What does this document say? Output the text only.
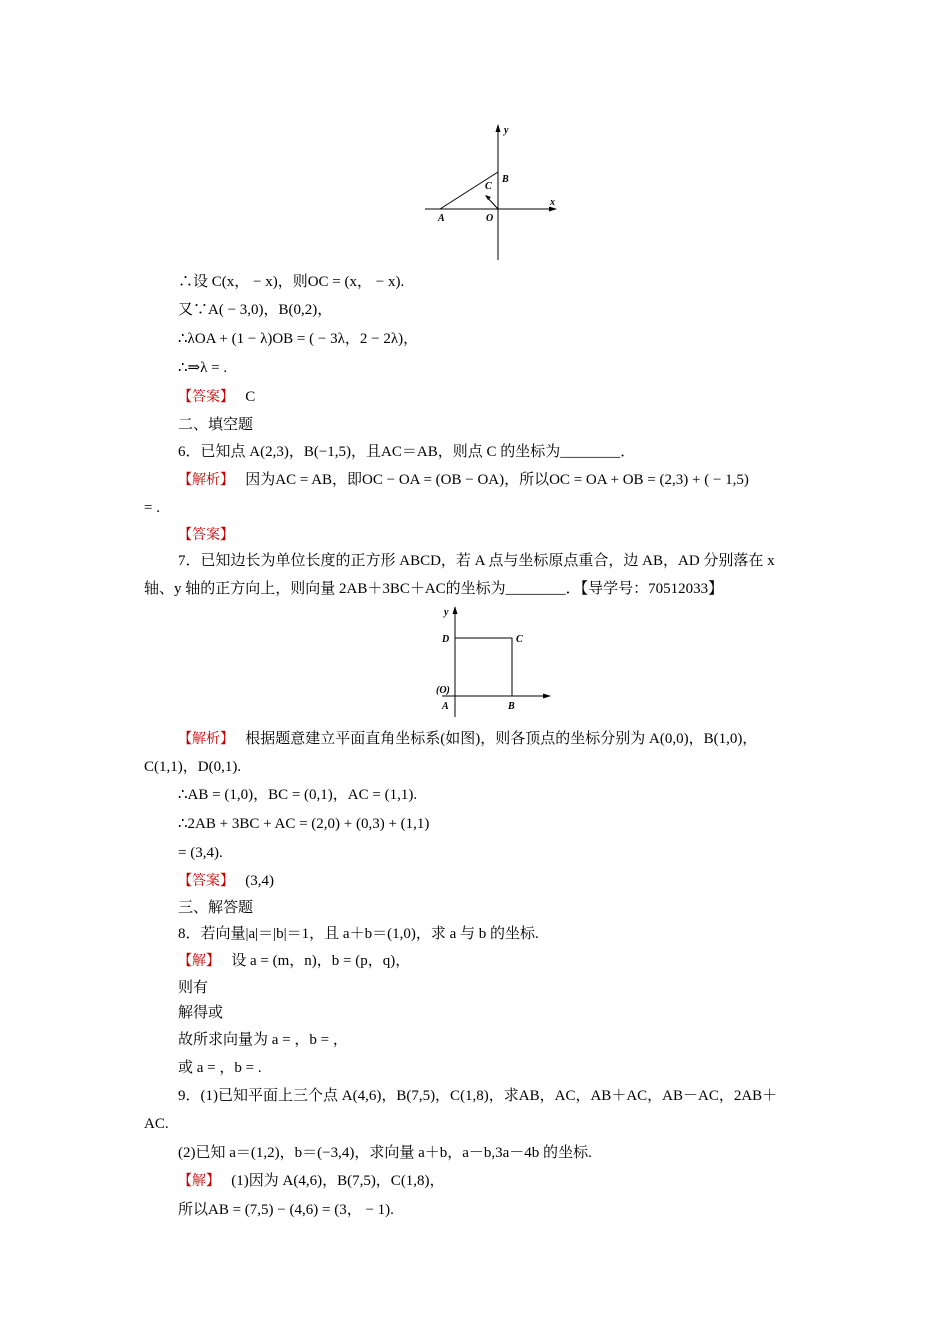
y
x
A	O
B
C
∴设 C(x， − x)，则OC = (x， − x).
又∵A( − 3,0)，B(0,2)，
∴λOA + (1 − λ)OB = ( − 3λ，2 − 2λ)，
∴⇒λ = .
【答案】 C
二、填空题
6．已知点 A(2,3)，B(−1,5)，且AC＝AB，则点 C 的坐标为________．
【解析】 因为AC = AB，即OC − OA = (OB − OA)，所以OC = OA + OB = (2,3) + ( − 1,5)
= .
【答案】
7．已知边长为单位长度的正方形 ABCD，若 A 点与坐标原点重合，边 AB，AD 分别落在 x
轴、y 轴的正方向上，则向量 2AB＋3BC＋AC的坐标为________．【导学号：70512033】
y
D	C
(O)
A	B
【解析】 根据题意建立平面直角坐标系(如图)，则各顶点的坐标分别为 A(0,0)，B(1,0)，
C(1,1)，D(0,1).
∴AB = (1,0)，BC = (0,1)，AC = (1,1).
∴2AB + 3BC + AC = (2,0) + (0,3) + (1,1)
= (3,4).
【答案】 (3,4)
三、解答题
8．若向量|a|＝|b|＝1，且 a＋b＝(1,0)，求 a 与 b 的坐标.
【解】 设 a = (m，n)，b = (p，q)，
则有
解得或
故所求向量为 a = ，b = ，
或 a = ，b = .
9．(1)已知平面上三个点 A(4,6)，B(7,5)，C(1,8)，求AB，AC，AB＋AC，AB－AC，2AB＋
AC.
(2)已知 a＝(1,2)，b＝(−3,4)，求向量 a＋b，a－b,3a－4b 的坐标.
【解】 (1)因为 A(4,6)，B(7,5)，C(1,8)，
所以AB = (7,5) − (4,6) = (3， − 1).
